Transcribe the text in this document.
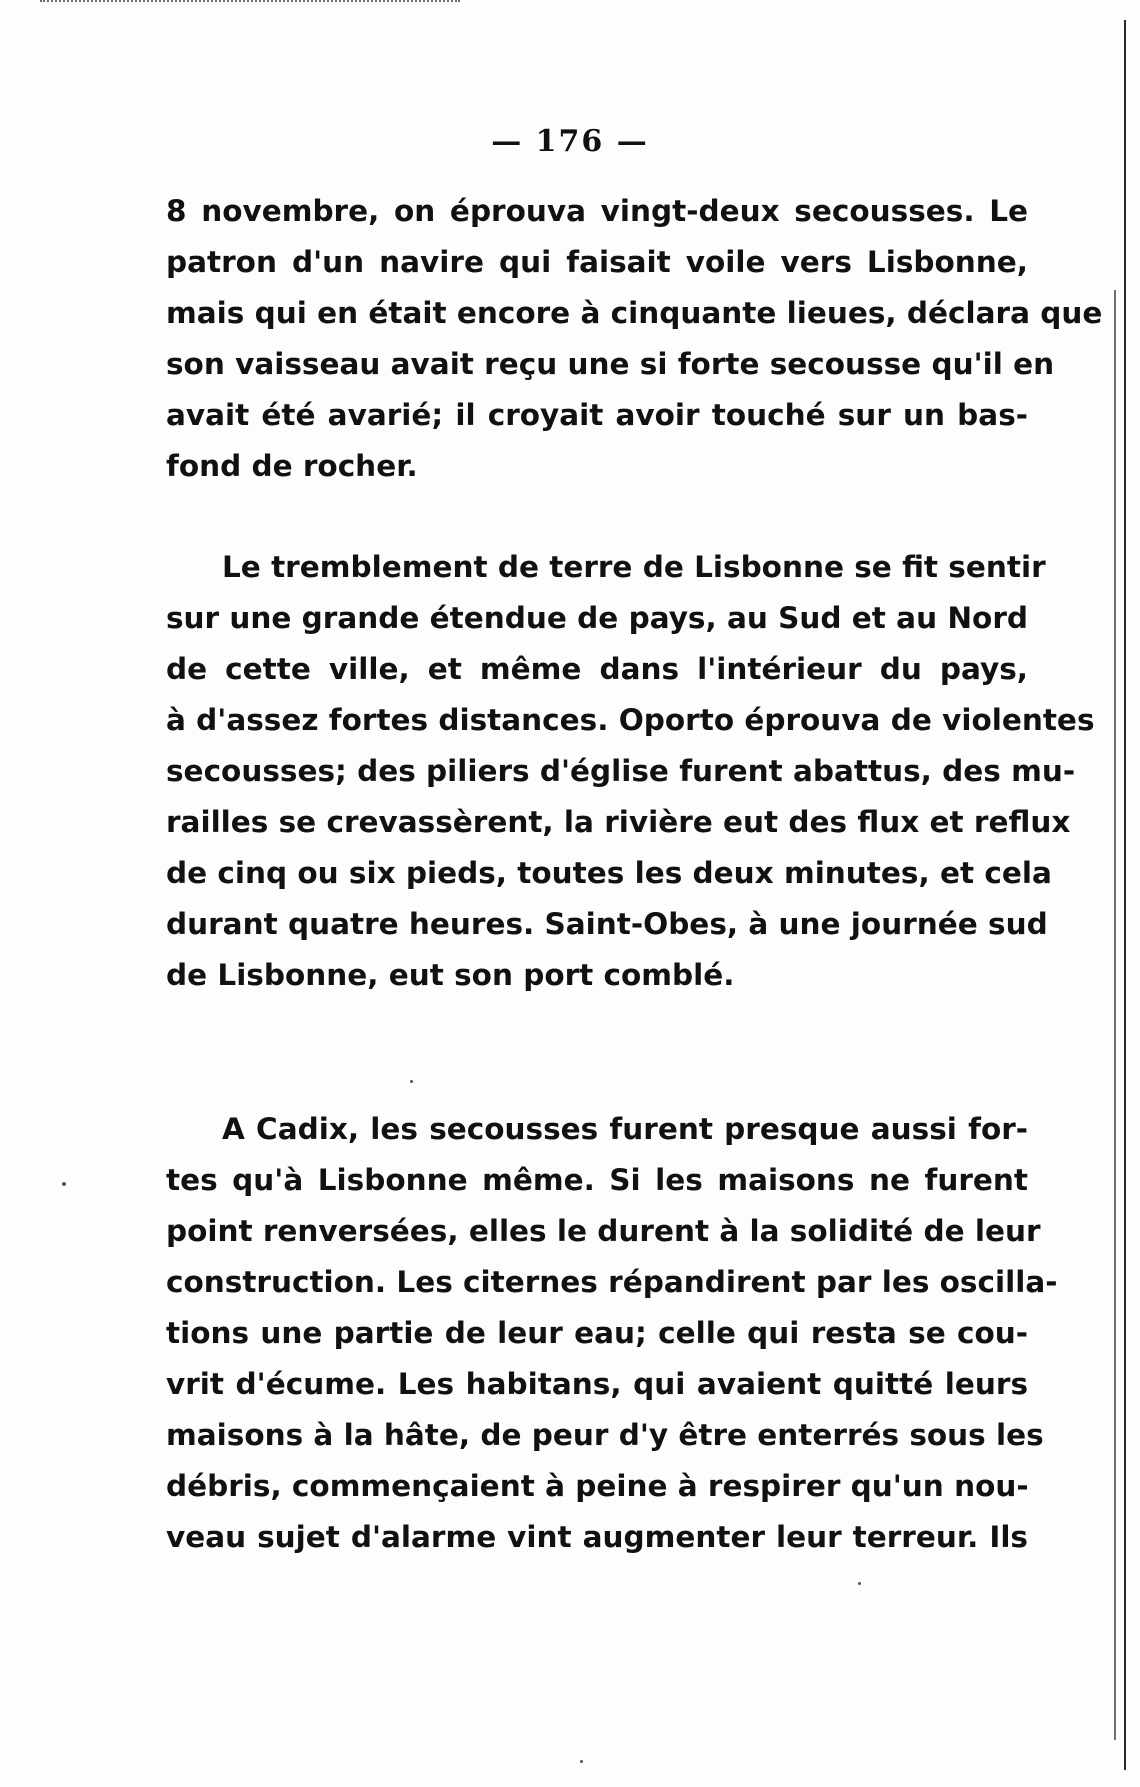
— 176 —
8 novembre, on éprouva vingt-deux secousses. Le
patron d'un navire qui faisait voile vers Lisbonne,
mais qui en était encore à cinquante lieues, déclara que
son vaisseau avait reçu une si forte secousse qu'il en
avait été avarié; il croyait avoir touché sur un bas-
fond de rocher.
Le tremblement de terre de Lisbonne se fit sentir
sur une grande étendue de pays, au Sud et au Nord
de cette ville, et même dans l'intérieur du pays,
à d'assez fortes distances. Oporto éprouva de violentes
secousses; des piliers d'église furent abattus, des mu-
railles se crevassèrent, la rivière eut des flux et reflux
de cinq ou six pieds, toutes les deux minutes, et cela
durant quatre heures. Saint-Obes, à une journée sud
de Lisbonne, eut son port comblé.
A Cadix, les secousses furent presque aussi for-
tes qu'à Lisbonne même. Si les maisons ne furent
point renversées, elles le durent à la solidité de leur
construction. Les citernes répandirent par les oscilla-
tions une partie de leur eau; celle qui resta se cou-
vrit d'écume. Les habitans, qui avaient quitté leurs
maisons à la hâte, de peur d'y être enterrés sous les
débris, commençaient à peine à respirer qu'un nou-
veau sujet d'alarme vint augmenter leur terreur. Ils
